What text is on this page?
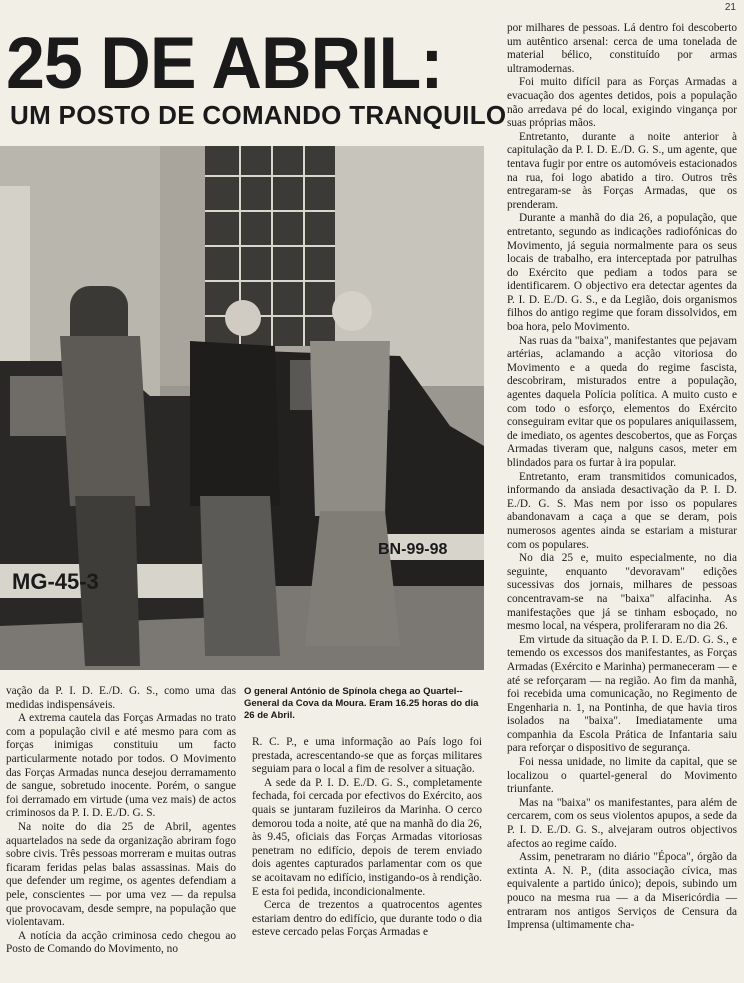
21
25 DE ABRIL:
UM POSTO DE COMANDO TRANQUILO
MG-45-3
BN-99-98

O general António de Spínola chega ao Quartel--General da Cova da Moura. Eram 16.25 horas do dia 26 de Abril.

vação da P. I. D. E./D. G. S., como uma das medidas indispensáveis.

A extrema cautela das Forças Armadas no trato com a população civil e até mesmo para com as forças inimigas constituiu um facto particularmente notado por todos. O Movimento das Forças Armadas nunca desejou derramamento de sangue, sobretudo inocente. Porém, o sangue foi derramado em virtude (uma vez mais) de actos criminosos da P. I. D. E./D. G. S.

Na noite do dia 25 de Abril, agentes aquartelados na sede da organização abriram fogo sobre civis. Três pessoas morreram e muitas outras ficaram feridas pelas balas assassinas. Mais do que defender um regime, os agentes defendiam a pele, conscientes — por uma vez — da repulsa que provocavam, desde sempre, na população que violentavam.

A notícia da acção criminosa cedo chegou ao Posto de Comando do Movimento, no

R. C. P., e uma informação ao País logo foi prestada, acrescentando-se que as forças militares seguiam para o local a fim de resolver a situação.

A sede da P. I. D. E./D. G. S., completamente fechada, foi cercada por efectivos do Exército, aos quais se juntaram fuzileiros da Marinha. O cerco demorou toda a noite, até que na manhã do dia 26, às 9.45, oficiais das Forças Armadas vitoriosas penetram no edifício, depois de terem enviado dois agentes capturados parlamentar com os que se acoitavam no edifício, instigando-os à rendição. E esta foi pedida, incondicionalmente.

Cerca de trezentos a quatrocentos agentes estariam dentro do edifício, que durante todo o dia esteve cercado pelas Forças Armadas e

por milhares de pessoas. Lá dentro foi descoberto um autêntico arsenal: cerca de uma tonelada de material bélico, constituído por armas ultramodernas.

Foi muito difícil para as Forças Armadas a evacuação dos agentes detidos, pois a população não arredava pé do local, exigindo vingança por suas próprias mãos.

Entretanto, durante a noite anterior à capitulação da P. I. D. E./D. G. S., um agente, que tentava fugir por entre os automóveis estacionados na rua, foi logo abatido a tiro. Outros três entregaram-se às Forças Armadas, que os prenderam.

Durante a manhã do dia 26, a população, que entretanto, segundo as indicações radiofónicas do Movimento, já seguia normalmente para os seus locais de trabalho, era interceptada por patrulhas do Exército que pediam a todos para se identificarem. O objectivo era detectar agentes da P. I. D. E./D. G. S., e da Legião, dois organismos filhos do antigo regime que foram dissolvidos, em boa hora, pelo Movimento.

Nas ruas da "baixa", manifestantes que pejavam artérias, aclamando a acção vitoriosa do Movimento e a queda do regime fascista, descobriram, misturados entre a população, agentes daquela Polícia política. A muito custo e com todo o esforço, elementos do Exército conseguiram evitar que os populares aniquilassem, de imediato, os agentes descobertos, que as Forças Armadas tiveram que, nalguns casos, meter em blindados para os furtar à ira popular.

Entretanto, eram transmitidos comunicados, informando da ansiada desactivação da P. I. D. E./D. G. S. Mas nem por isso os populares abandonavam a caça a que se deram, pois numerosos agentes ainda se estariam a misturar com os populares.

No dia 25 e, muito especialmente, no dia seguinte, enquanto "devoravam" edições sucessivas dos jornais, milhares de pessoas concentravam-se na "baixa" alfacinha. As manifestações que já se tinham esboçado, no mesmo local, na véspera, proliferaram no dia 26.

Em virtude da situação da P. I. D. E./D. G. S., e temendo os excessos dos manifestantes, as Forças Armadas (Exército e Marinha) permaneceram — e até se reforçaram — na região. Ao fim da manhã, foi recebida uma comunicação, no Regimento de Engenharia n. 1, na Pontinha, de que havia tiros isolados na "baixa". Imediatamente uma companhia da Escola Prática de Infantaria saiu para reforçar o dispositivo de segurança.

Foi nessa unidade, no limite da capital, que se localizou o quartel-general do Movimento triunfante.

Mas na "baixa" os manifestantes, para além de cercarem, com os seus violentos apupos, a sede da P. I. D. E./D. G. S., alvejaram outros objectivos afectos ao regime caído.

Assim, penetraram no diário "Época", órgão da extinta A. N. P., (dita associação cívica, mas equivalente a partido único); depois, subindo um pouco na mesma rua — a da Misericórdia — entraram nos antigos Serviços de Censura da Imprensa (ultimamente cha-
